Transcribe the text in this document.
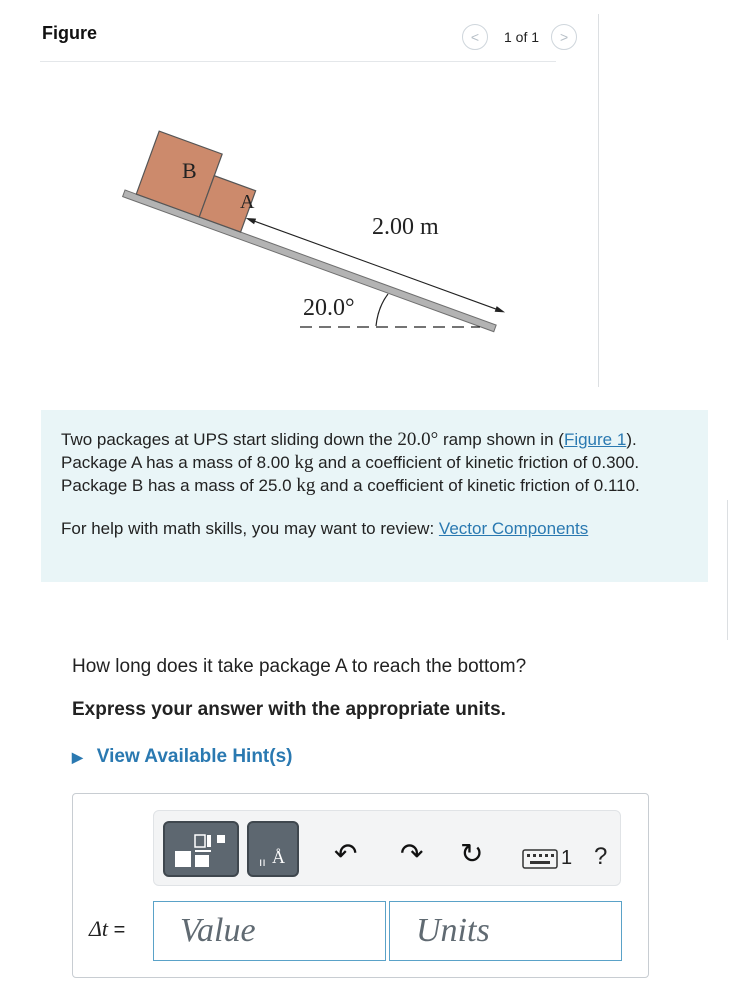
Figure	< 1 of 1 >
B
A
2.00 m
20.0°

Two packages at UPS start sliding down the 20.0° ramp shown in (Figure 1). Package A has a mass of 8.00 kg and a coefficient of kinetic friction of 0.300. Package B has a mass of 25.0 kg and a coefficient of kinetic friction of 0.110.

For help with math skills, you may want to review: Vector Components

How long does it take package A to reach the bottom?
Express your answer with the appropriate units.
▶ View Available Hint(s)
Å
ıı ↶ ↷ ↻	1 ?
Δt =	Value	Units
